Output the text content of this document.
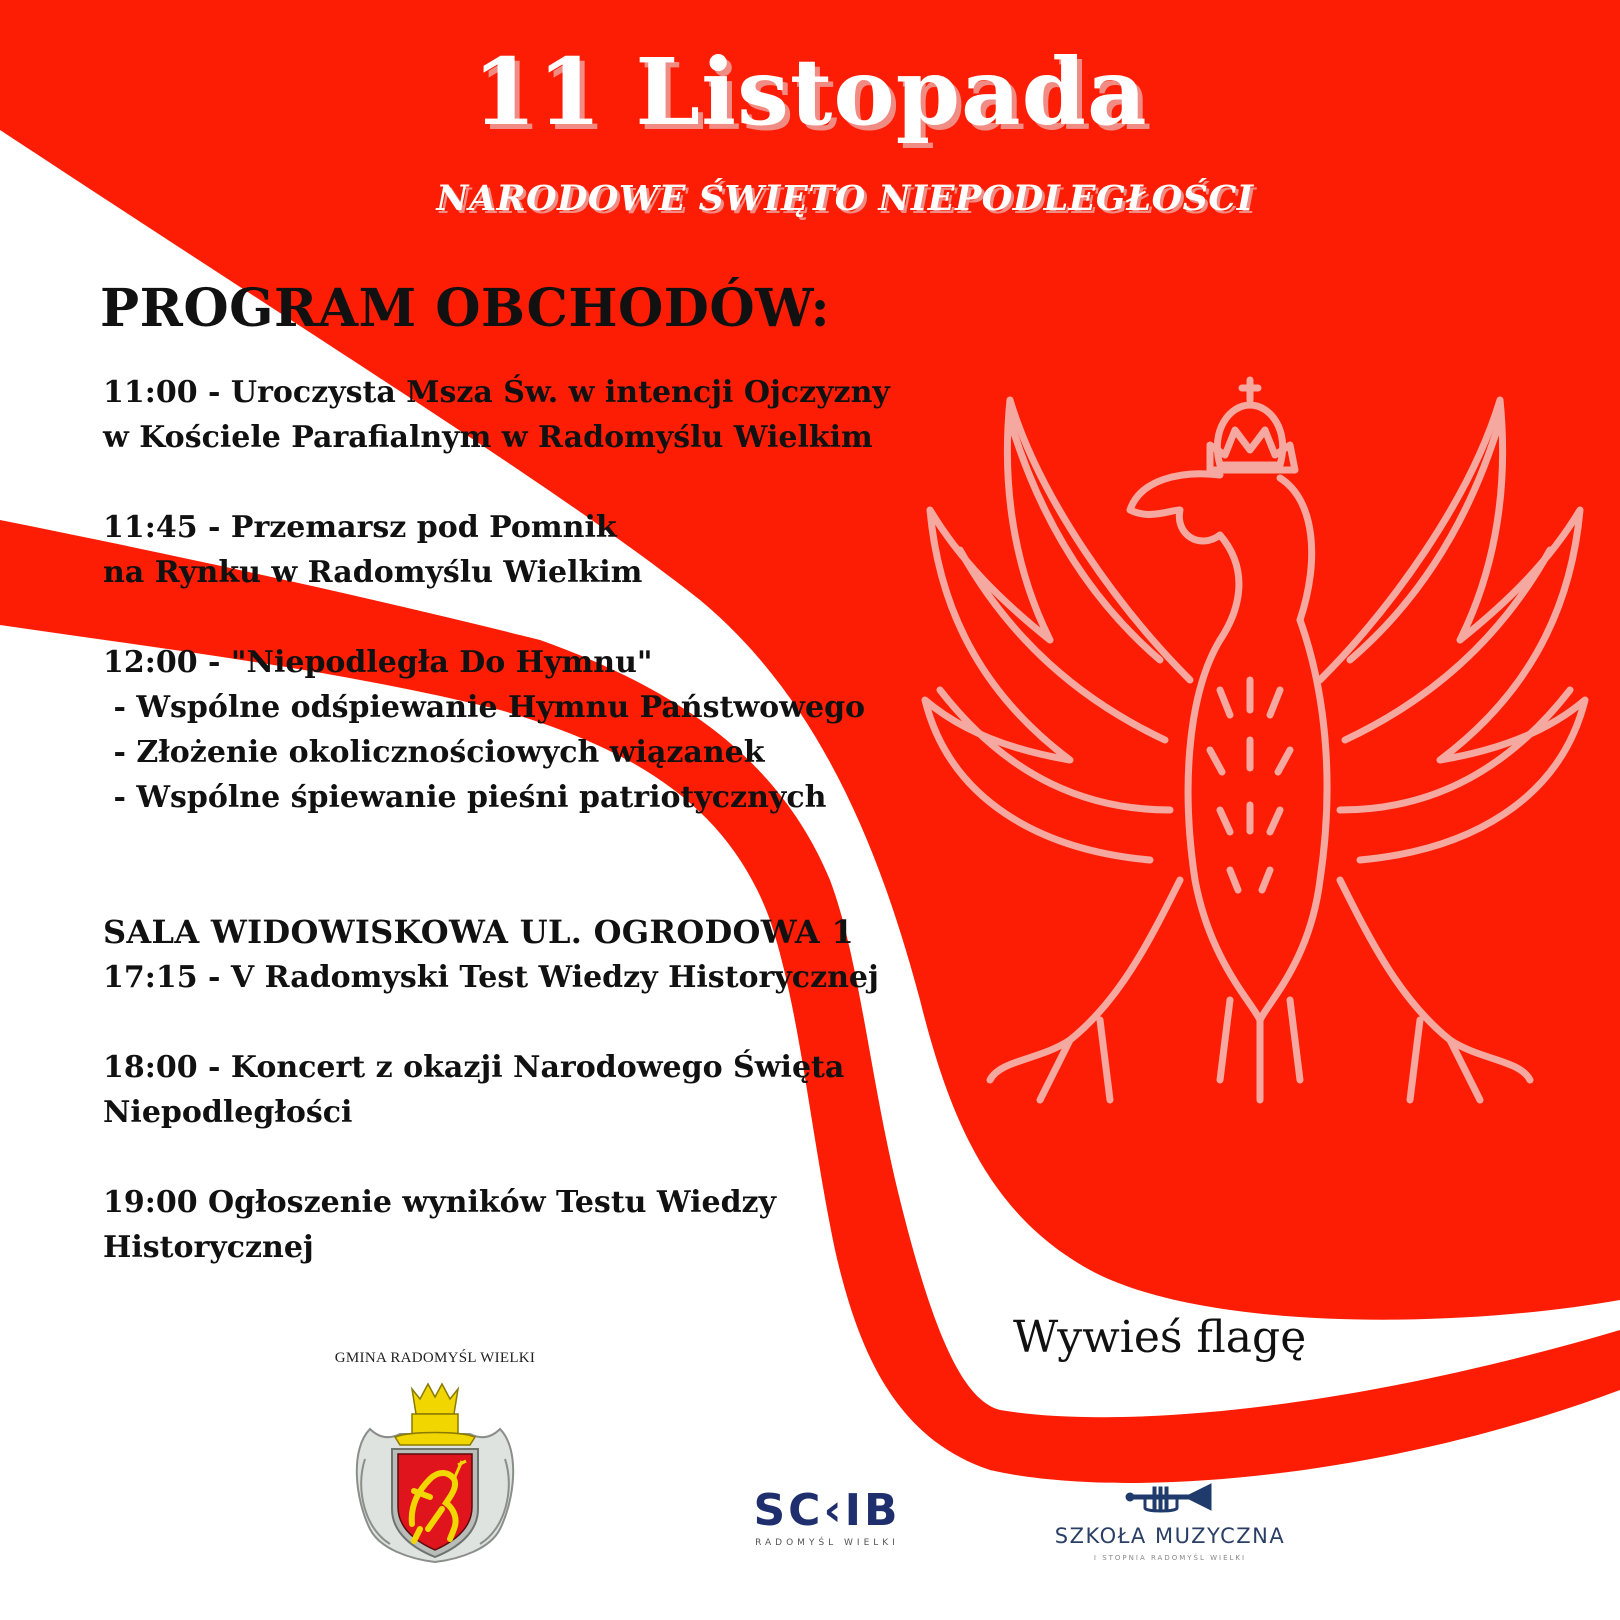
11 Listopada
NARODOWE ŚWIĘTO NIEPODLEGŁOŚCI
PROGRAM OBCHODÓW:
11:00 - Uroczysta Msza Św. w intencji Ojczyzny
w Kościele Parafialnym w Radomyślu Wielkim
11:45 - Przemarsz pod Pomnik
na Rynku w Radomyślu Wielkim
12:00 - "Niepodległa Do Hymnu"
- Wspólne odśpiewanie Hymnu Państwowego
- Złożenie okolicznościowych wiązanek
- Wspólne śpiewanie pieśni patriotycznych
SALA WIDOWISKOWA UL. OGRODOWA 1
17:15 - V Radomyski Test Wiedzy Historycznej
18:00 - Koncert z okazji Narodowego Święta
Niepodległości
19:00 Ogłoszenie wyników Testu Wiedzy
Historycznej
Wywieś flagę
GMINA RADOMYŚL WIELKI
SC‹IB
RADOMYŚL WIELKI	SZKOŁA MUZYCZNA
I STOPNIA RADOMYŚL WIELKI
